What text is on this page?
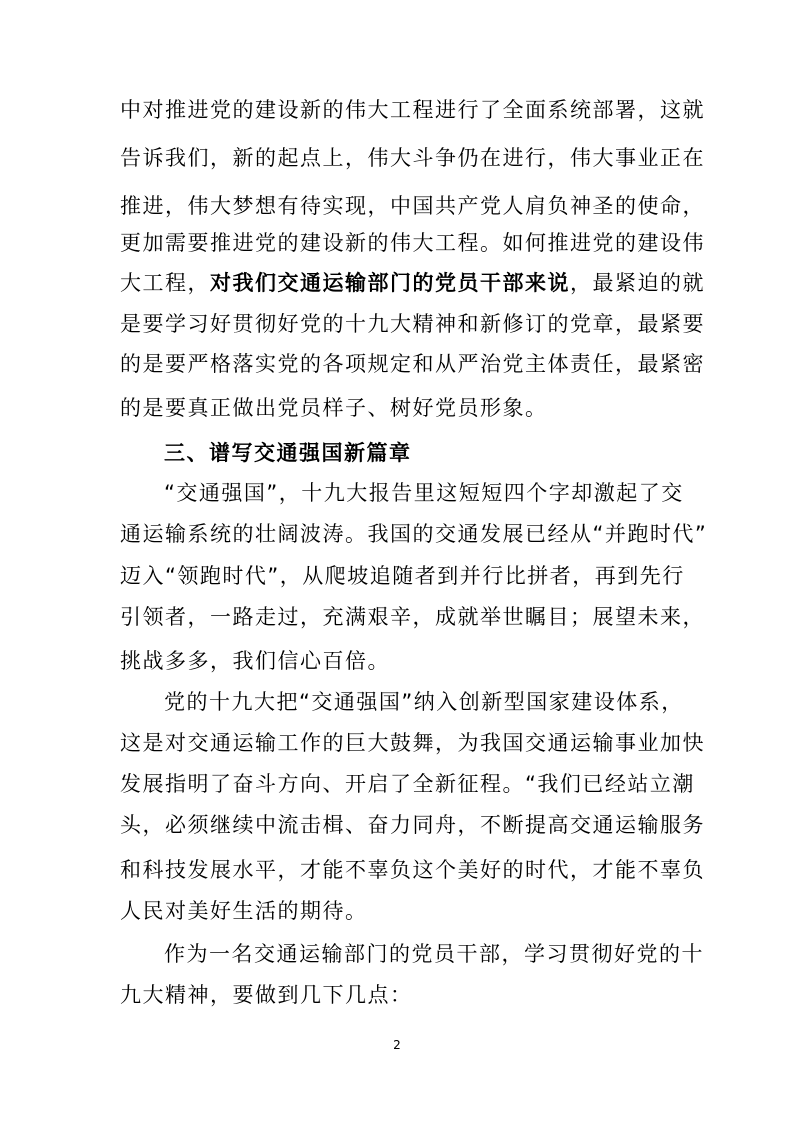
中对推进党的建设新的伟大工程进行了全面系统部署，这就
告诉我们，新的起点上，伟大斗争仍在进行，伟大事业正在
推进，伟大梦想有待实现，中国共产党人肩负神圣的使命，
更加需要推进党的建设新的伟大工程。如何推进党的建设伟
大工程，对我们交通运输部门的党员干部来说，最紧迫的就
是要学习好贯彻好党的十九大精神和新修订的党章，最紧要
的是要严格落实党的各项规定和从严治党主体责任，最紧密
的是要真正做出党员样子、树好党员形象。
三、谱写交通强国新篇章
“交通强国”，十九大报告里这短短四个字却激起了交
通运输系统的壮阔波涛。我国的交通发展已经从“并跑时代”
迈入“领跑时代”，从爬坡追随者到并行比拼者，再到先行
引领者，一路走过，充满艰辛，成就举世瞩目；展望未来，
挑战多多，我们信心百倍。
党的十九大把“交通强国”纳入创新型国家建设体系，
这是对交通运输工作的巨大鼓舞，为我国交通运输事业加快
发展指明了奋斗方向、开启了全新征程。“我们已经站立潮
头，必须继续中流击楫、奋力同舟，不断提高交通运输服务
和科技发展水平，才能不辜负这个美好的时代，才能不辜负
人民对美好生活的期待。
作为一名交通运输部门的党员干部，学习贯彻好党的十
九大精神，要做到几下几点：
2
